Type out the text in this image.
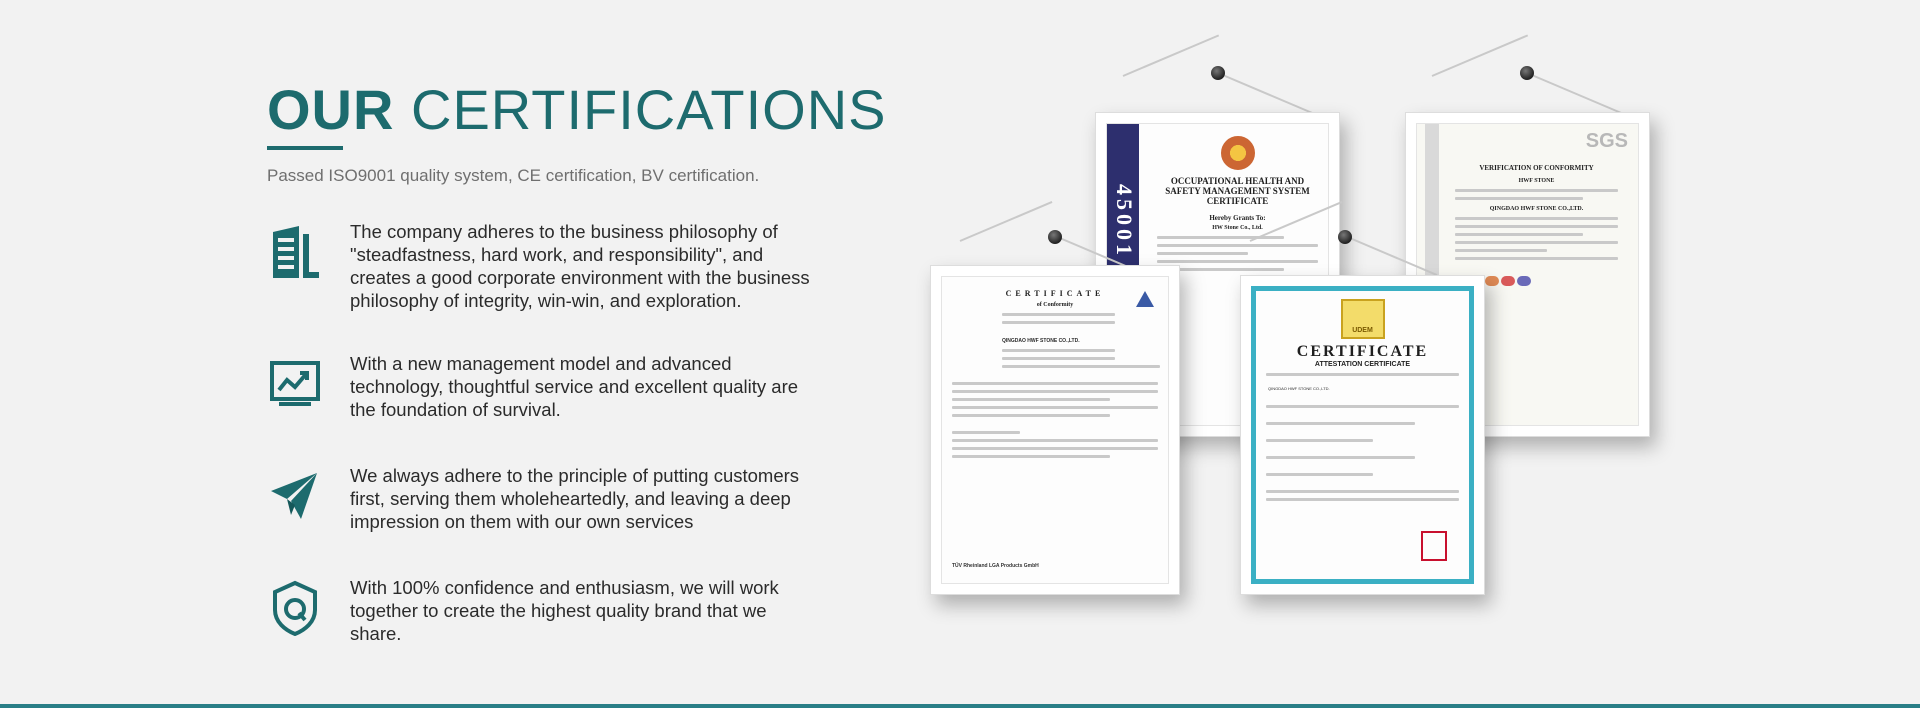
OUR CERTIFICATIONS

Passed ISO9001 quality system, CE certification, BV certification.

The company adheres to the business philosophy of "steadfastness, hard work, and responsibility", and creates a good corporate environment with the business philosophy of integrity, win-win, and exploration.

With a new management model and advanced technology, thoughtful service and excellent quality are the foundation of survival.

We always adhere to the principle of putting customers first, serving them wholeheartedly, and leaving a deep impression on them with our own services

With 100% confidence and enthusiasm, we will work together to create the highest quality brand that we share.

45001
OCCUPATIONAL HEALTH AND SAFETY MANAGEMENT SYSTEM CERTIFICATE
Hereby Grants To:
HW Stone Co., Ltd.
SGS
VERIFICATION OF CONFORMITY
HWF STONE
QINGDAO HWF STONE CO.,LTD.
CERTIFICATE
of Conformity
QINGDAO HWF STONE CO.,LTD.
TÜV Rheinland LGA Products GmbH
UDEM
CERTIFICATE
ATTESTATION CERTIFICATE
QINGDAO HWF STONE CO.,LTD.
